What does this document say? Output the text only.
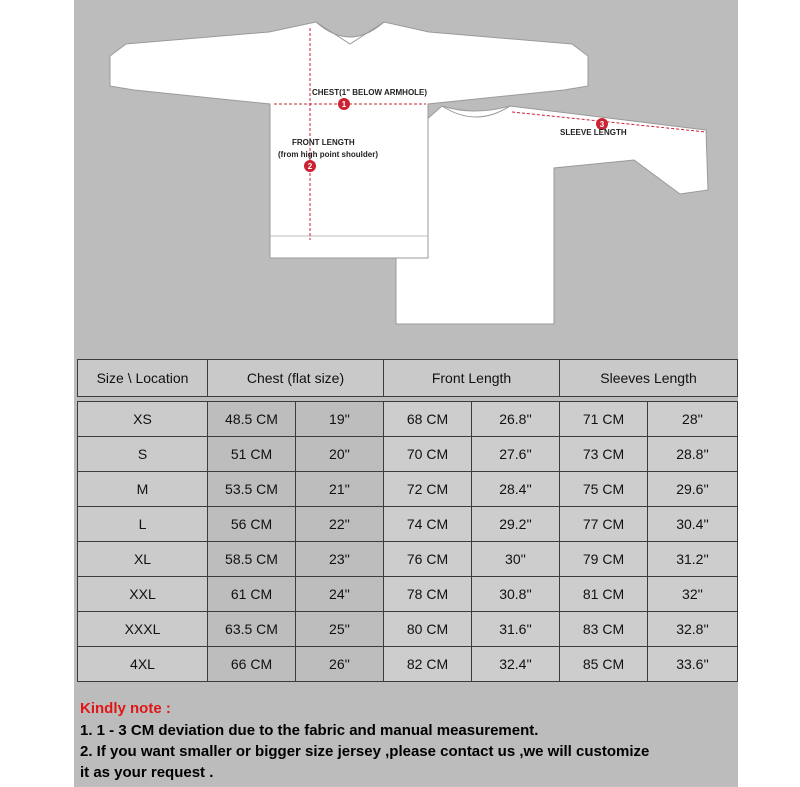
1
2
3
CHEST(1" BELOW ARMHOLE)
FRONT LENGTH
(from high point shoulder)
SLEEVE LENGTH
Size \ Location	Chest (flat size)		Front Length		Sleeves Length	

XS	48.5 CM	19''	68 CM	26.8''	71 CM	28''
S	51 CM	20''	70 CM	27.6''	73 CM	28.8''
M	53.5 CM	21''	72 CM	28.4''	75 CM	29.6''
L	56 CM	22''	74 CM	29.2''	77 CM	30.4''
XL	58.5 CM	23''	76 CM	30''	79 CM	31.2''
XXL	61 CM	24''	78 CM	30.8''	81 CM	32''
XXXL	63.5 CM	25''	80 CM	31.6''	83 CM	32.8''
4XL	66 CM	26''	82 CM	32.4''	85 CM	33.6''
Kindly note :
1. 1 - 3 CM deviation due to the fabric and manual measurement.
2. If you want smaller or bigger size jersey ,please contact us ,we will customize
it as your request .
